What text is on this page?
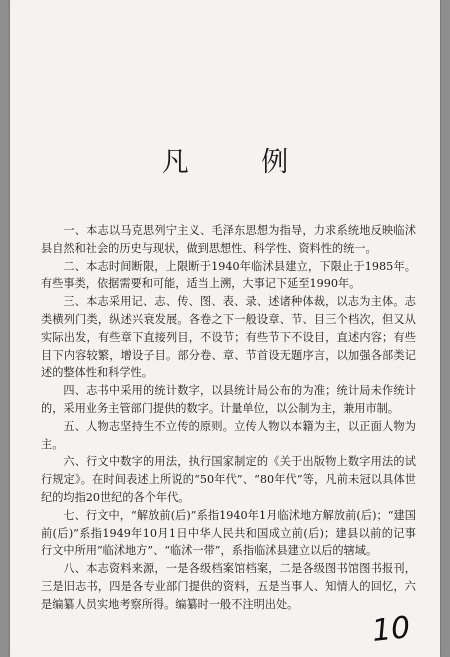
凡 例

一、本志以马克思列宁主义、毛泽东思想为指导，力求系统地反映临沭县自然和社会的历史与现状，做到思想性、科学性、资料性的统一。

二、本志时间断限，上限断于1940年临沭县建立，下限止于1985年。有些事类，依据需要和可能，适当上溯，大事记下延至1990年。

三、本志采用记、志、传、图、表、录、述诸种体裁，以志为主体。志类横列门类，纵述兴衰发展。各卷之下一般设章、节、目三个档次，但又从实际出发，有些章下直接列目，不设节；有些节下不设目，直述内容；有些目下内容较繁，增设子目。部分卷、章、节首设无题序言，以加强各部类记述的整体性和科学性。

四、志书中采用的统计数字，以县统计局公布的为准；统计局未作统计的，采用业务主管部门提供的数字。计量单位，以公制为主，兼用市制。

五、人物志坚持生不立传的原则。立传人物以本籍为主，以正面人物为主。

六、行文中数字的用法，执行国家制定的《关于出版物上数字用法的试行规定》。在时间表述上所说的“50年代”、“80年代”等，凡前未冠以具体世纪的均指20世纪的各个年代。

七、行文中，“解放前(后)”系指1940年1月临沭地方解放前(后)；“建国前(后)”系指1949年10月1日中华人民共和国成立前(后)；建县以前的记事行文中所用“临沭地方”、“临沭一带”，系指临沭县建立以后的辖域。

八、本志资料来源，一是各级档案馆档案，二是各级图书馆图书报刊，三是旧志书，四是各专业部门提供的资料，五是当事人、知情人的回忆，六是编纂人员实地考察所得。编纂时一般不注明出处。

10
